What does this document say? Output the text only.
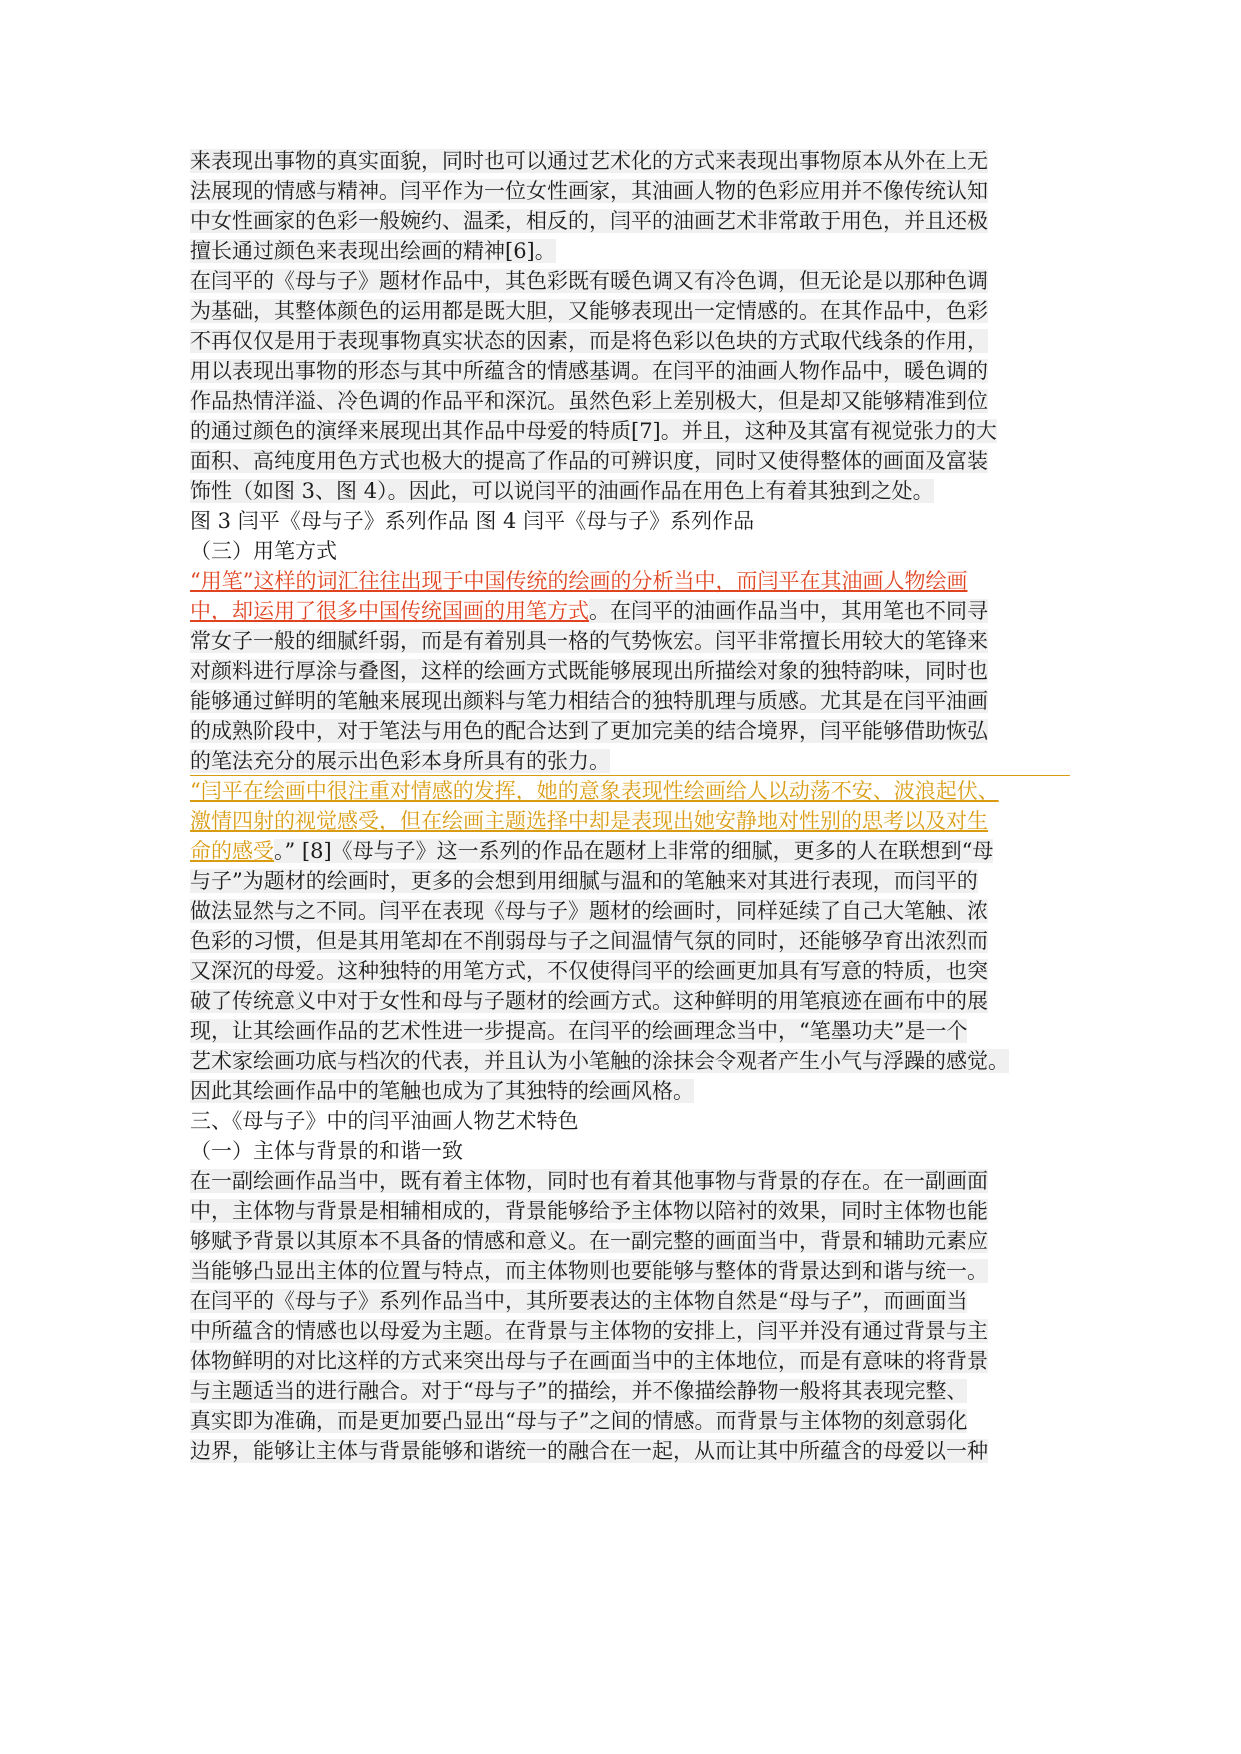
来表现出事物的真实面貌，同时也可以通过艺术化的方式来表现出事物原本从外在上无
法展现的情感与精神。闫平作为一位女性画家，其油画人物的色彩应用并不像传统认知
中女性画家的色彩一般婉约、温柔，相反的，闫平的油画艺术非常敢于用色，并且还极
擅长通过颜色来表现出绘画的精神[6]。
在闫平的《母与子》题材作品中，其色彩既有暖色调又有冷色调，但无论是以那种色调
为基础，其整体颜色的运用都是既大胆，又能够表现出一定情感的。在其作品中，色彩
不再仅仅是用于表现事物真实状态的因素，而是将色彩以色块的方式取代线条的作用，
用以表现出事物的形态与其中所蕴含的情感基调。在闫平的油画人物作品中，暖色调的
作品热情洋溢、冷色调的作品平和深沉。虽然色彩上差别极大，但是却又能够精准到位
的通过颜色的演绎来展现出其作品中母爱的特质[7]。并且，这种及其富有视觉张力的大
面积、高纯度用色方式也极大的提高了作品的可辨识度，同时又使得整体的画面及富装
饰性（如图 3、图 4）。因此，可以说闫平的油画作品在用色上有着其独到之处。
图 3 闫平《母与子》系列作品 图 4 闫平《母与子》系列作品
（三）用笔方式
“用笔”这样的词汇往往出现于中国传统的绘画的分析当中，而闫平在其油画人物绘画
中，却运用了很多中国传统国画的用笔方式。在闫平的油画作品当中，其用笔也不同寻
常女子一般的细腻纤弱，而是有着别具一格的气势恢宏。闫平非常擅长用较大的笔锋来
对颜料进行厚涂与叠图，这样的绘画方式既能够展现出所描绘对象的独特韵味，同时也
能够通过鲜明的笔触来展现出颜料与笔力相结合的独特肌理与质感。尤其是在闫平油画
的成熟阶段中，对于笔法与用色的配合达到了更加完美的结合境界，闫平能够借助恢弘
的笔法充分的展示出色彩本身所具有的张力。
“闫平在绘画中很注重对情感的发挥，她的意象表现性绘画给人以动荡不安、波浪起伏、
激情四射的视觉感受，但在绘画主题选择中却是表现出她安静地对性别的思考以及对生
命的感受。” [8]《母与子》这一系列的作品在题材上非常的细腻，更多的人在联想到“母
与子”为题材的绘画时，更多的会想到用细腻与温和的笔触来对其进行表现，而闫平的
做法显然与之不同。闫平在表现《母与子》题材的绘画时，同样延续了自己大笔触、浓
色彩的习惯，但是其用笔却在不削弱母与子之间温情气氛的同时，还能够孕育出浓烈而
又深沉的母爱。这种独特的用笔方式，不仅使得闫平的绘画更加具有写意的特质，也突
破了传统意义中对于女性和母与子题材的绘画方式。这种鲜明的用笔痕迹在画布中的展
现，让其绘画作品的艺术性进一步提高。在闫平的绘画理念当中，“笔墨功夫”是一个
艺术家绘画功底与档次的代表，并且认为小笔触的涂抹会令观者产生小气与浮躁的感觉。
因此其绘画作品中的笔触也成为了其独特的绘画风格。
三、《母与子》中的闫平油画人物艺术特色
（一）主体与背景的和谐一致
在一副绘画作品当中，既有着主体物，同时也有着其他事物与背景的存在。在一副画面
中，主体物与背景是相辅相成的，背景能够给予主体物以陪衬的效果，同时主体物也能
够赋予背景以其原本不具备的情感和意义。在一副完整的画面当中，背景和辅助元素应
当能够凸显出主体的位置与特点，而主体物则也要能够与整体的背景达到和谐与统一。
在闫平的《母与子》系列作品当中，其所要表达的主体物自然是“母与子”，而画面当
中所蕴含的情感也以母爱为主题。在背景与主体物的安排上，闫平并没有通过背景与主
体物鲜明的对比这样的方式来突出母与子在画面当中的主体地位，而是有意味的将背景
与主题适当的进行融合。对于“母与子”的描绘，并不像描绘静物一般将其表现完整、
真实即为准确，而是更加要凸显出“母与子”之间的情感。而背景与主体物的刻意弱化
边界，能够让主体与背景能够和谐统一的融合在一起，从而让其中所蕴含的母爱以一种
